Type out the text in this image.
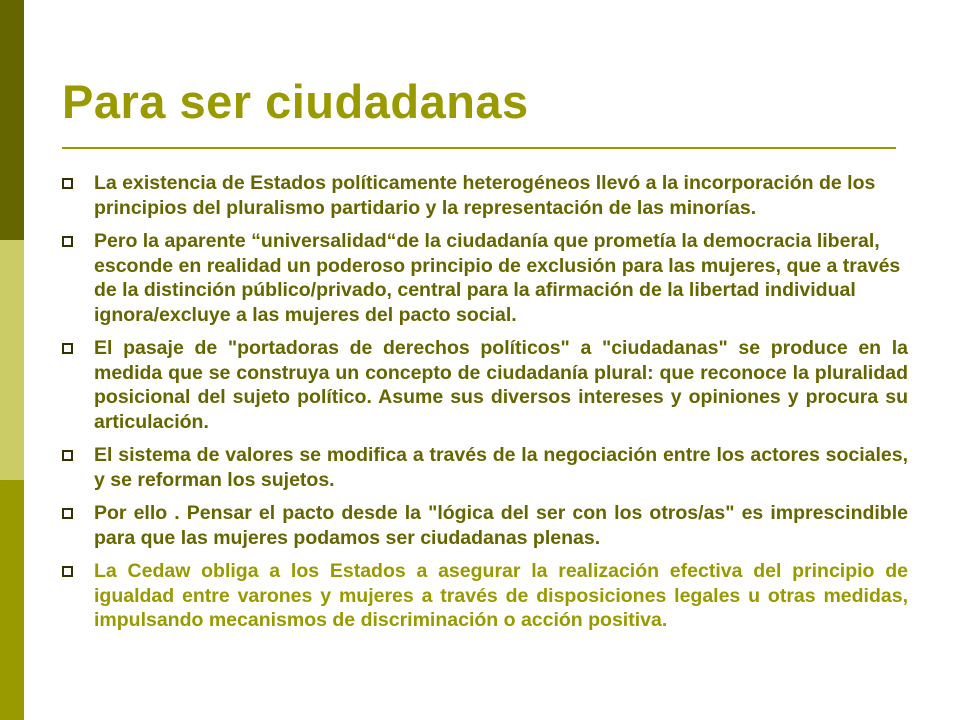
Para ser ciudadanas
La existencia de Estados políticamente heterogéneos llevó a la incorporación de los principios del pluralismo partidario y la representación de las minorías.
Pero la aparente “universalidad“de la ciudadanía que prometía la democracia liberal, esconde en realidad un poderoso principio de exclusión para las mujeres, que a través de la distinción público/privado, central para la afirmación de la libertad individual ignora/excluye a las mujeres del pacto social.
El pasaje de "portadoras de derechos políticos" a "ciudadanas" se produce en la medida que se construya un concepto de ciudadanía plural: que reconoce la pluralidad posicional del sujeto político. Asume sus diversos intereses y opiniones y procura su articulación.
El sistema de valores se modifica a través de la negociación entre los actores sociales, y se reforman los sujetos.
Por ello . Pensar el pacto desde la "lógica del ser con los otros/as" es imprescindible para que las mujeres podamos ser ciudadanas plenas.
La Cedaw obliga a los Estados a asegurar la realización efectiva del principio de igualdad entre varones y mujeres a través de disposiciones legales u otras medidas, impulsando mecanismos de discriminación o acción positiva.
